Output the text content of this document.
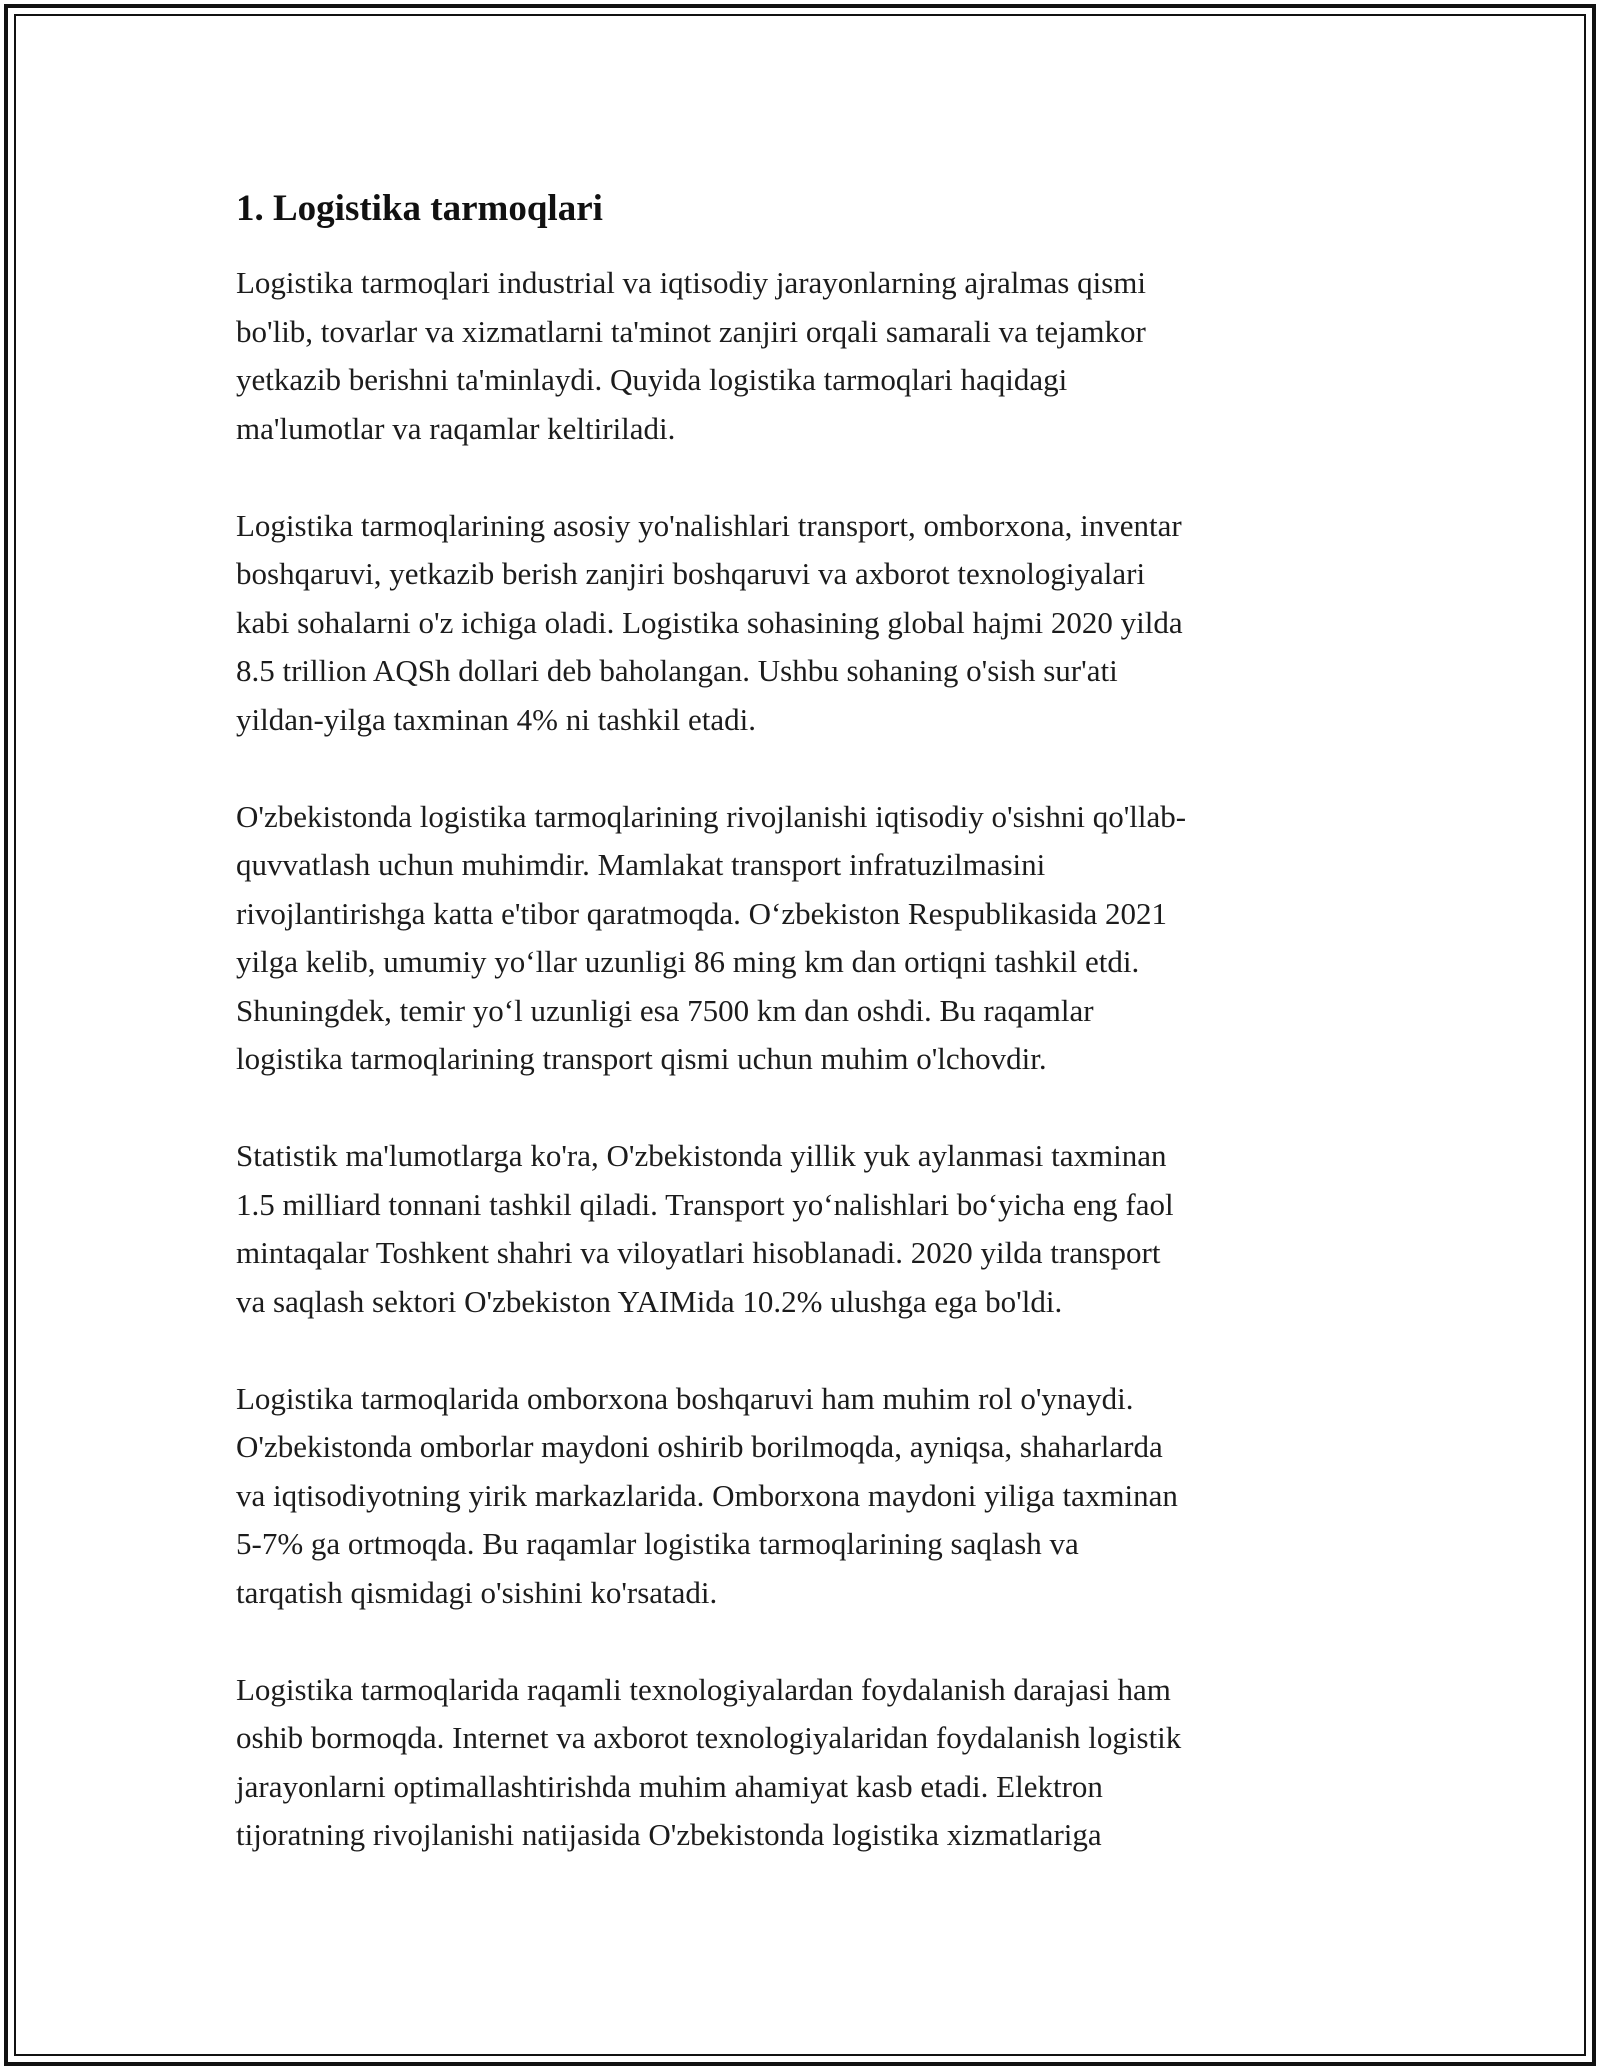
1. Logistika tarmoqlari

Logistika tarmoqlari industrial va iqtisodiy jarayonlarning ajralmas qismi
bo'lib, tovarlar va xizmatlarni ta'minot zanjiri orqali samarali va tejamkor
yetkazib berishni ta'minlaydi. Quyida logistika tarmoqlari haqidagi
ma'lumotlar va raqamlar keltiriladi.

Logistika tarmoqlarining asosiy yo'nalishlari transport, omborxona, inventar
boshqaruvi, yetkazib berish zanjiri boshqaruvi va axborot texnologiyalari
kabi sohalarni o'z ichiga oladi. Logistika sohasining global hajmi 2020 yilda
8.5 trillion AQSh dollari deb baholangan. Ushbu sohaning o'sish sur'ati
yildan-yilga taxminan 4% ni tashkil etadi.

O'zbekistonda logistika tarmoqlarining rivojlanishi iqtisodiy o'sishni qo'llab-
quvvatlash uchun muhimdir. Mamlakat transport infratuzilmasini
rivojlantirishga katta e'tibor qaratmoqda. O‘zbekiston Respublikasida 2021
yilga kelib, umumiy yo‘llar uzunligi 86 ming km dan ortiqni tashkil etdi.
Shuningdek, temir yo‘l uzunligi esa 7500 km dan oshdi. Bu raqamlar
logistika tarmoqlarining transport qismi uchun muhim o'lchovdir.

Statistik ma'lumotlarga ko'ra, O'zbekistonda yillik yuk aylanmasi taxminan
1.5 milliard tonnani tashkil qiladi. Transport yo‘nalishlari bo‘yicha eng faol
mintaqalar Toshkent shahri va viloyatlari hisoblanadi. 2020 yilda transport
va saqlash sektori O'zbekiston YAIMida 10.2% ulushga ega bo'ldi.

Logistika tarmoqlarida omborxona boshqaruvi ham muhim rol o'ynaydi.
O'zbekistonda omborlar maydoni oshirib borilmoqda, ayniqsa, shaharlarda
va iqtisodiyotning yirik markazlarida. Omborxona maydoni yiliga taxminan
5-7% ga ortmoqda. Bu raqamlar logistika tarmoqlarining saqlash va
tarqatish qismidagi o'sishini ko'rsatadi.

Logistika tarmoqlarida raqamli texnologiyalardan foydalanish darajasi ham
oshib bormoqda. Internet va axborot texnologiyalaridan foydalanish logistik
jarayonlarni optimallashtirishda muhim ahamiyat kasb etadi. Elektron
tijoratning rivojlanishi natijasida O'zbekistonda logistika xizmatlariga
